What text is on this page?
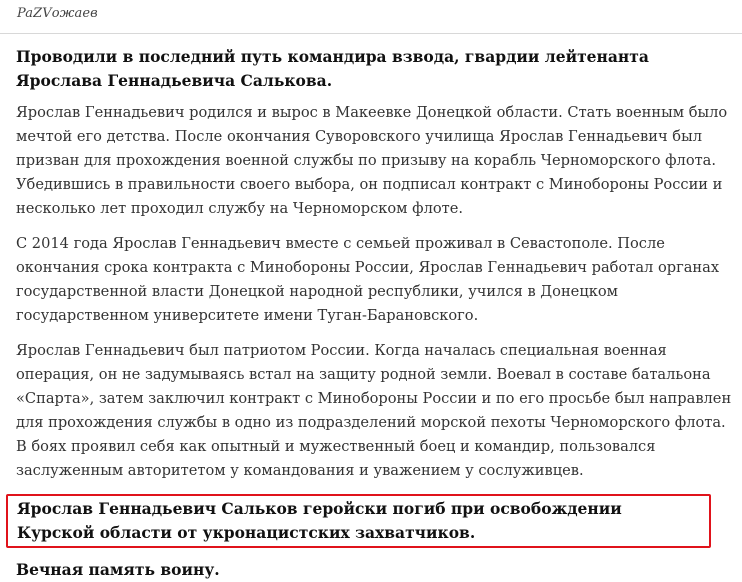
PaZVожаев

Проводили в последний путь командира взвода, гвардии лейтенанта Ярослава Геннадьевича Салькова.

Ярослав Геннадьевич родился и вырос в Макеевке Донецкой области. Стать военным было мечтой его детства. После окончания Суворовского училища Ярослав Геннадьевич был призван для прохождения военной службы по призыву на корабль Черноморского флота. Убедившись в правильности своего выбора, он подписал контракт с Минобороны России и несколько лет проходил службу на Черноморском флоте.

С 2014 года Ярослав Геннадьевич вместе с семьей проживал в Севастополе. После окончания срока контракта с Минобороны России, Ярослав Геннадьевич работал органах государственной власти Донецкой народной республики, учился в Донецком государственном университете имени Туган-Барановского.

Ярослав Геннадьевич был патриотом России. Когда началась специальная военная операция, он не задумываясь встал на защиту родной земли. Воевал в составе батальона «Спарта», затем заключил контракт с Минобороны России и по его просьбе был направлен для прохождения службы в одно из подразделений морской пехоты Черноморского флота. В боях проявил себя как опытный и мужественный боец и командир, пользовался заслуженным авторитетом у командования и уважением у сослуживцев.

Ярослав Геннадьевич Сальков геройски погиб при освобождении Курской области от укронацистских захватчиков.

Вечная память воину.
